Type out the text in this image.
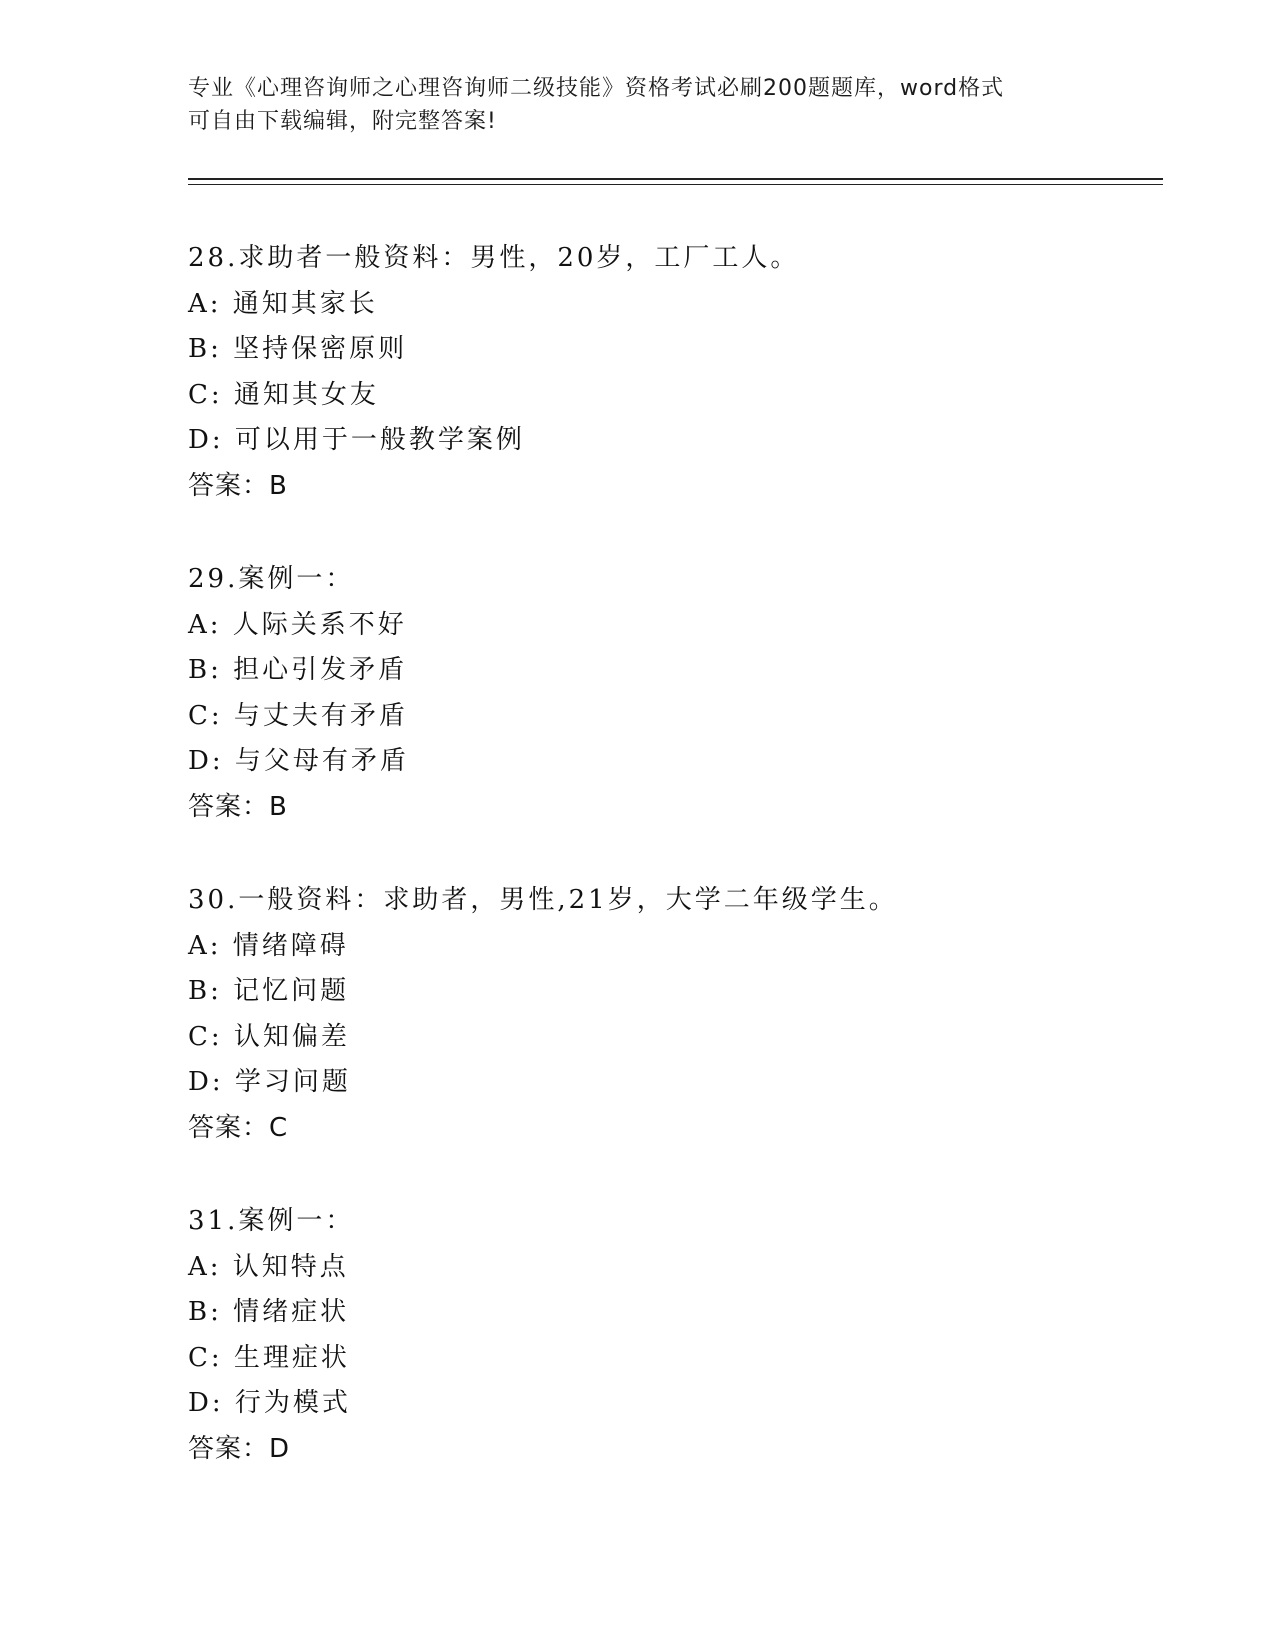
专业《心理咨询师之心理咨询师二级技能》资格考试必刷200题题库，word格式

可自由下载编辑，附完整答案!

28.求助者一般资料：男性，20岁，工厂工人。

A: 通知其家长

B: 坚持保密原则

C: 通知其女友

D: 可以用于一般教学案例

答案：B

29.案例一：

A: 人际关系不好

B: 担心引发矛盾

C: 与丈夫有矛盾

D: 与父母有矛盾

答案：B

30.一般资料：求助者，男性,21岁，大学二年级学生。

A: 情绪障碍

B: 记忆问题

C: 认知偏差

D: 学习问题

答案：C

31.案例一：

A: 认知特点

B: 情绪症状

C: 生理症状

D: 行为模式

答案：D
